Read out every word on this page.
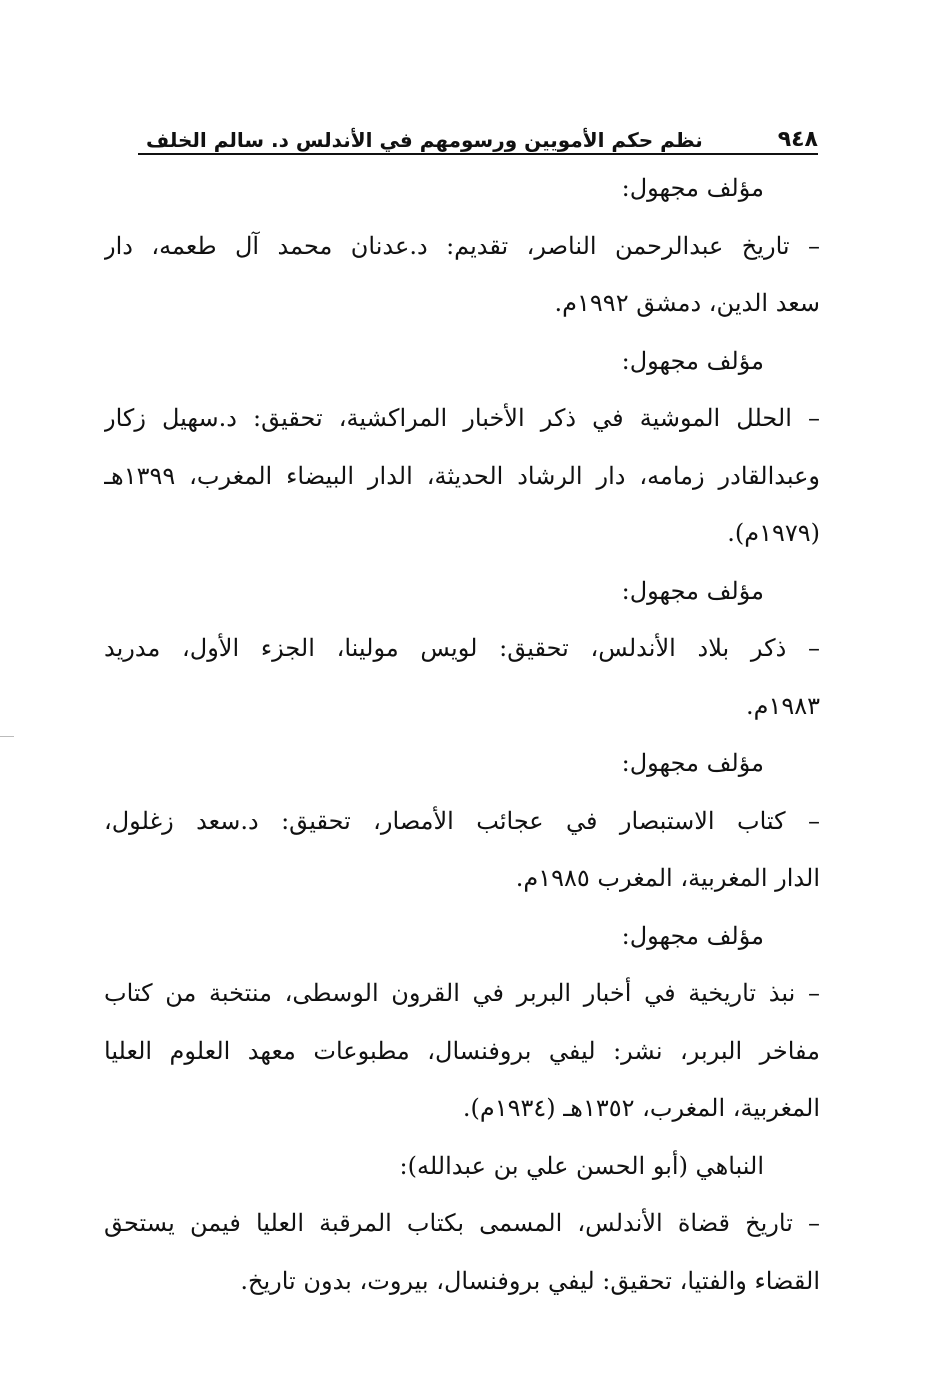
٩٤٨
نظم حكم الأمويين ورسومهم في الأندلس د. سالم الخلف
مؤلف مجهول:
– تاريخ عبدالرحمن الناصر، تقديم: د.عدنان محمد آل طعمه، دار
سعد الدين، دمشق ١٩٩٢م.
مؤلف مجهول:
– الحلل الموشية في ذكر الأخبار المراكشية، تحقيق: د.سهيل زكار
وعبدالقادر زمامه، دار الرشاد الحديثة، الدار البيضاء المغرب، ١٣٩٩هـ
(١٩٧٩م).
مؤلف مجهول:
– ذكر بلاد الأندلس، تحقيق: لويس مولينا، الجزء الأول، مدريد
١٩٨٣م.
مؤلف مجهول:
– كتاب الاستبصار في عجائب الأمصار، تحقيق: د.سعد زغلول،
الدار المغربية، المغرب ١٩٨٥م.
مؤلف مجهول:
– نبذ تاريخية في أخبار البربر في القرون الوسطى، منتخبة من كتاب
مفاخر البربر، نشر: ليفي بروفنسال، مطبوعات معهد العلوم العليا
المغربية، المغرب، ١٣٥٢هـ (١٩٣٤م).
النباهي (أبو الحسن علي بن عبدالله):
– تاريخ قضاة الأندلس، المسمى بكتاب المرقبة العليا فيمن يستحق
القضاء والفتيا، تحقيق: ليفي بروفنسال، بيروت، بدون تاريخ.
